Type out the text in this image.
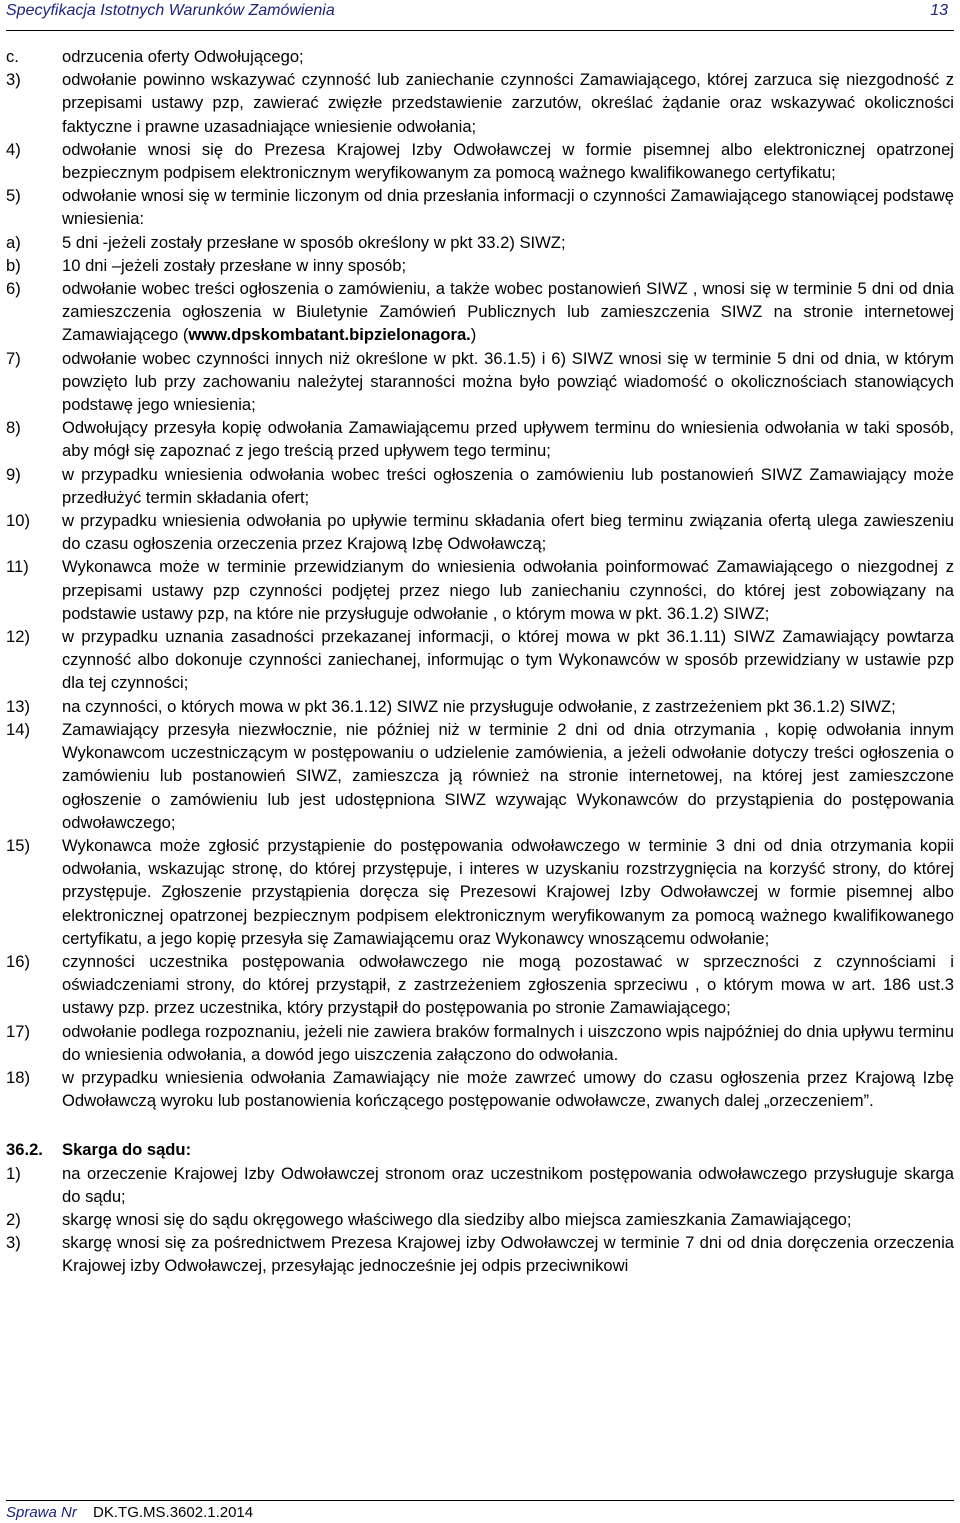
Specyfikacja Istotnych Warunków Zamówienia	13
c.	odrzucenia oferty Odwołującego;
3) odwołanie powinno wskazywać czynność lub zaniechanie czynności Zamawiającego, której zarzuca się niezgodność z przepisami ustawy pzp, zawierać zwięzłe przedstawienie zarzutów, określać żądanie oraz wskazywać okoliczności faktyczne i prawne uzasadniające wniesienie odwołania;
4) odwołanie wnosi się do Prezesa Krajowej Izby Odwoławczej w formie pisemnej albo elektronicznej opatrzonej bezpiecznym podpisem elektronicznym weryfikowanym za pomocą ważnego kwalifikowanego certyfikatu;
5) odwołanie wnosi się w terminie liczonym od dnia przesłania informacji o czynności Zamawiającego stanowiącej podstawę wniesienia:
a) 5 dni -jeżeli zostały przesłane w sposób określony w pkt 33.2) SIWZ;
b) 10 dni –jeżeli zostały przesłane w inny sposób;
6) odwołanie wobec treści ogłoszenia o zamówieniu, a także wobec postanowień SIWZ , wnosi się w terminie 5 dni od dnia zamieszczenia ogłoszenia w Biuletynie Zamówień Publicznych lub zamieszczenia SIWZ na stronie internetowej Zamawiającego (www.dpskombatant.bipzielonagora.)
7) odwołanie wobec czynności innych niż określone w pkt. 36.1.5) i 6) SIWZ wnosi się w terminie 5 dni od dnia, w którym powzięto lub przy zachowaniu należytej staranności można było powziąć wiadomość o okolicznościach stanowiących podstawę jego wniesienia;
8) Odwołujący przesyła kopię odwołania Zamawiającemu przed upływem terminu do wniesienia odwołania w taki sposób, aby mógł się zapoznać z jego treścią przed upływem tego terminu;
9) w przypadku wniesienia odwołania wobec treści ogłoszenia o zamówieniu lub postanowień SIWZ Zamawiający może przedłużyć termin składania ofert;
10) w przypadku wniesienia odwołania po upływie terminu składania ofert bieg terminu związania ofertą ulega zawieszeniu do czasu ogłoszenia orzeczenia przez Krajową Izbę Odwoławczą;
11) Wykonawca może w terminie przewidzianym do wniesienia odwołania poinformować Zamawiającego o niezgodnej z przepisami ustawy pzp czynności podjętej przez niego lub zaniechaniu czynności, do której jest zobowiązany na podstawie ustawy pzp, na które nie przysługuje odwołanie , o którym mowa w pkt. 36.1.2) SIWZ;
12) w przypadku uznania zasadności przekazanej informacji, o której mowa w pkt 36.1.11) SIWZ Zamawiający powtarza czynność albo dokonuje czynności zaniechanej, informując o tym Wykonawców w sposób przewidziany w ustawie pzp dla tej czynności;
13) na czynności, o których mowa w pkt 36.1.12) SIWZ nie przysługuje odwołanie, z zastrzeżeniem pkt 36.1.2) SIWZ;
14) Zamawiający przesyła niezwłocznie, nie później niż w terminie 2 dni od dnia otrzymania , kopię odwołania innym Wykonawcom uczestniczącym w postępowaniu o udzielenie zamówienia, a jeżeli odwołanie dotyczy treści ogłoszenia o zamówieniu lub postanowień SIWZ, zamieszcza ją również na stronie internetowej, na której jest zamieszczone ogłoszenie o zamówieniu lub jest udostępniona SIWZ wzywając Wykonawców do przystąpienia do postępowania odwoławczego;
15) Wykonawca może zgłosić przystąpienie do postępowania odwoławczego w terminie 3 dni od dnia otrzymania kopii odwołania, wskazując stronę, do której przystępuje, i interes w uzyskaniu rozstrzygnięcia na korzyść strony, do której przystępuje. Zgłoszenie przystąpienia doręcza się Prezesowi Krajowej Izby Odwoławczej w formie pisemnej albo elektronicznej opatrzonej bezpiecznym podpisem elektronicznym weryfikowanym za pomocą ważnego kwalifikowanego certyfikatu, a jego kopię przesyła się Zamawiającemu oraz Wykonawcy wnoszącemu odwołanie;
16) czynności uczestnika postępowania odwoławczego nie mogą pozostawać w sprzeczności z czynnościami i oświadczeniami strony, do której przystąpił, z zastrzeżeniem zgłoszenia sprzeciwu , o którym mowa w art. 186 ust.3 ustawy pzp. przez uczestnika, który przystąpił do postępowania po stronie Zamawiającego;
17) odwołanie podlega rozpoznaniu, jeżeli nie zawiera braków formalnych i uiszczono wpis najpóźniej do dnia upływu terminu do wniesienia odwołania, a dowód jego uiszczenia załączono do odwołania.
18) w przypadku wniesienia odwołania Zamawiający nie może zawrzeć umowy do czasu ogłoszenia przez Krajową Izbę Odwoławczą wyroku lub postanowienia kończącego postępowanie odwoławcze, zwanych dalej „orzeczeniem”.
36.2. Skarga do sądu:
1) na orzeczenie Krajowej Izby Odwoławczej stronom oraz uczestnikom postępowania odwoławczego przysługuje skarga do sądu;
2) skargę wnosi się do sądu okręgowego właściwego dla siedziby albo miejsca zamieszkania Zamawiającego;
3) skargę wnosi się za pośrednictwem Prezesa Krajowej izby Odwoławczej w terminie 7 dni od dnia doręczenia orzeczenia Krajowej izby Odwoławczej, przesyłając jednocześnie jej odpis przeciwnikowi
Sprawa Nr DK.TG.MS.3602.1.2014
